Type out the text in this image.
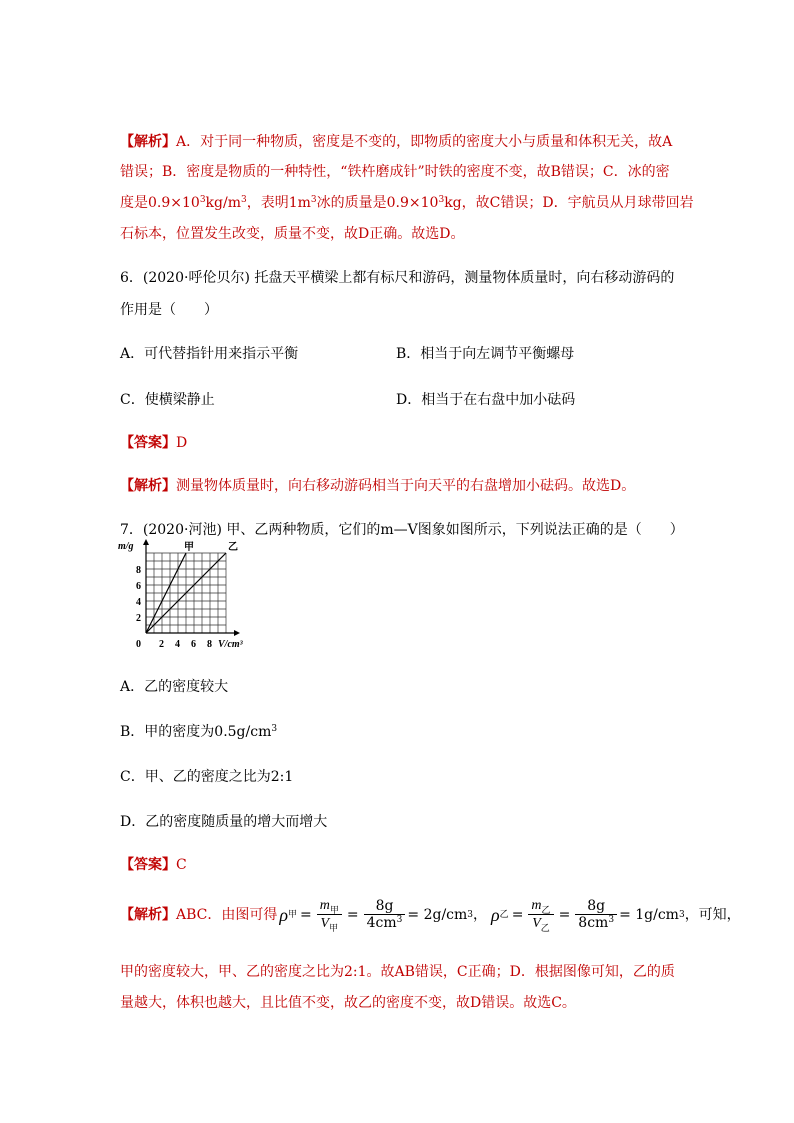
【解析】A．对于同一种物质，密度是不变的，即物质的密度大小与质量和体积无关，故A
错误；B．密度是物质的一种特性，“铁杵磨成针”时铁的密度不变，故B错误；C．冰的密
度是$0.9\times 10^3kg/m^3$，表明$1m^3$冰的质量是$0.9\times 10^3kg$，故C错误；D．宇航员从月球带回岩
石标本，位置发生改变，质量不变，故D正确。故选D。
6．(2020·呼伦贝尔) 托盘天平横梁上都有标尺和游码，测量物体质量时，向右移动游码的
作用是（　　）
A．可代替指针用来指示平衡	B．相当于向左调节平衡螺母
C．使横梁静止	D．相当于在右盘中加小砝码
【答案】D
【解析】测量物体质量时，向右移动游码相当于向天平的右盘增加小砝码。故选D。
7．(2020·河池) 甲、乙两种物质，它们的m—V图象如图所示，下列说法正确的是（　　）
甲	乙
0 2 4 6 8
2
4
6
8
V/cm³
m/g
A．乙的密度较大
B．甲的密度为$0.5g/cm^3$
C．甲、乙的密度之比为2:1
D．乙的密度随质量的增大而增大
【答案】C
【解析】 ABC．由图可得 ρ 甲 = $\frac{m_甲}{V_甲} = \frac{8g}{4cm^3} = 2g/cm$ 3 ， ρ 乙 = $\frac{m_乙}{V_乙} = \frac{8g}{8cm^3} = 1g/cm$ 3 ，可知，
甲的密度较大，甲、乙的密度之比为2:1。故AB错误，C正确；D．根据图像可知，乙的质
量越大，体积也越大，且比值不变，故乙的密度不变，故D错误。故选C。
